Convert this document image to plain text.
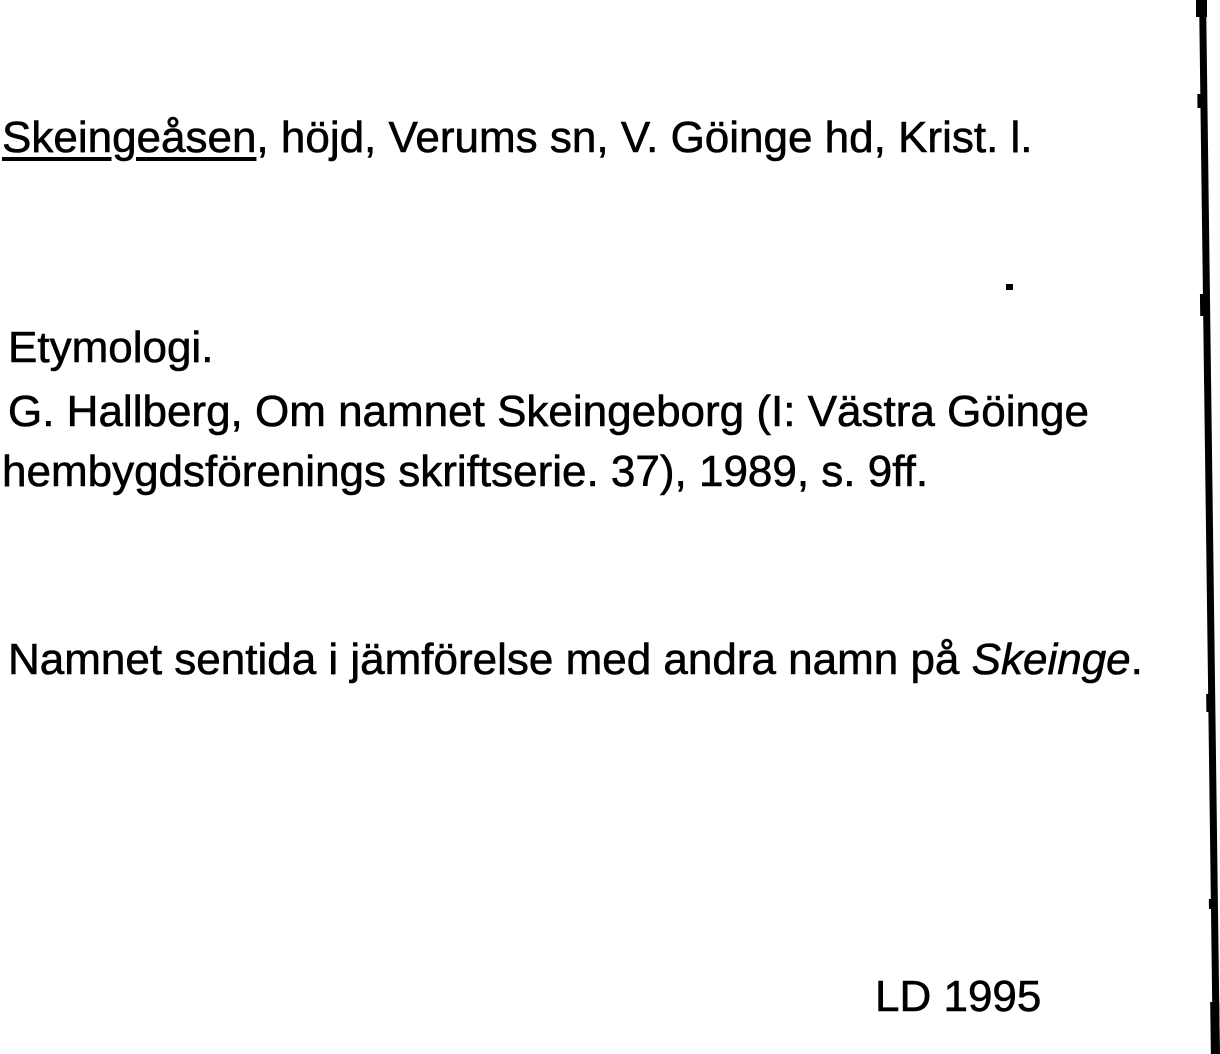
Skeingeåsen, höjd, Verums sn, V. Göinge hd, Krist. l.
Etymologi.
G. Hallberg, Om namnet Skeingeborg (I: Västra Göinge
hembygdsförenings skriftserie. 37), 1989, s. 9ff.
Namnet sentida i jämförelse med andra namn på Skeinge.
LD 1995
